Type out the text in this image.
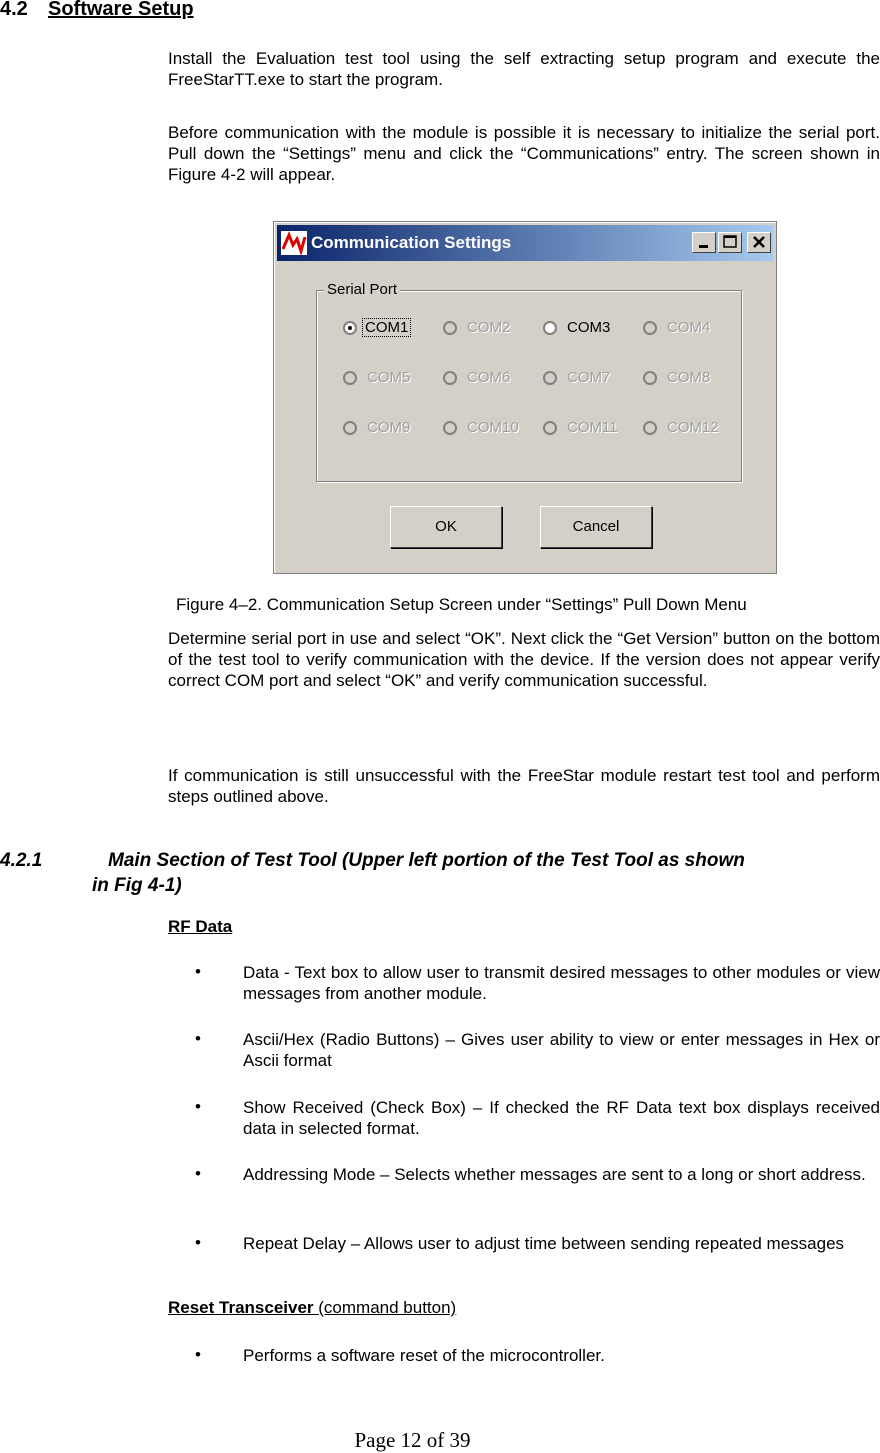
4.2 Software Setup
Install the Evaluation test tool using the self extracting setup program and execute the FreeStarTT.exe to start the program.
Before communication with the module is possible it is necessary to initialize the serial port. Pull down the “Settings” menu and click the “Communications” entry. The screen shown in Figure 4-2 will appear.
Communication Settings
Serial Port
COM1	COM2	COM3	COM4
COM5	COM6	COM7	COM8
COM9	COM10	COM11	COM12
OK	Cancel
Figure 4–2. Communication Setup Screen under “Settings” Pull Down Menu
Determine serial port in use and select “OK”. Next click the “Get Version” button on the bottom of the test tool to verify communication with the device. If the version does not appear verify correct COM port and select “OK” and verify communication successful.
If communication is still unsuccessful with the FreeStar module restart test tool and perform steps outlined above.
4.2.1	Main Section of Test Tool (Upper left portion of the Test Tool as shown
in Fig 4-1)
RF Data
• Data - Text box to allow user to transmit desired messages to other modules or view messages from another module.
• Ascii/Hex (Radio Buttons) – Gives user ability to view or enter messages in Hex or Ascii format
• Show Received (Check Box) – If checked the RF Data text box displays received data in selected format.
• Addressing Mode – Selects whether messages are sent to a long or short address.
• Repeat Delay – Allows user to adjust time between sending repeated messages
Reset Transceiver (command button)
• Performs a software reset of the microcontroller.
Page 12 of 39
